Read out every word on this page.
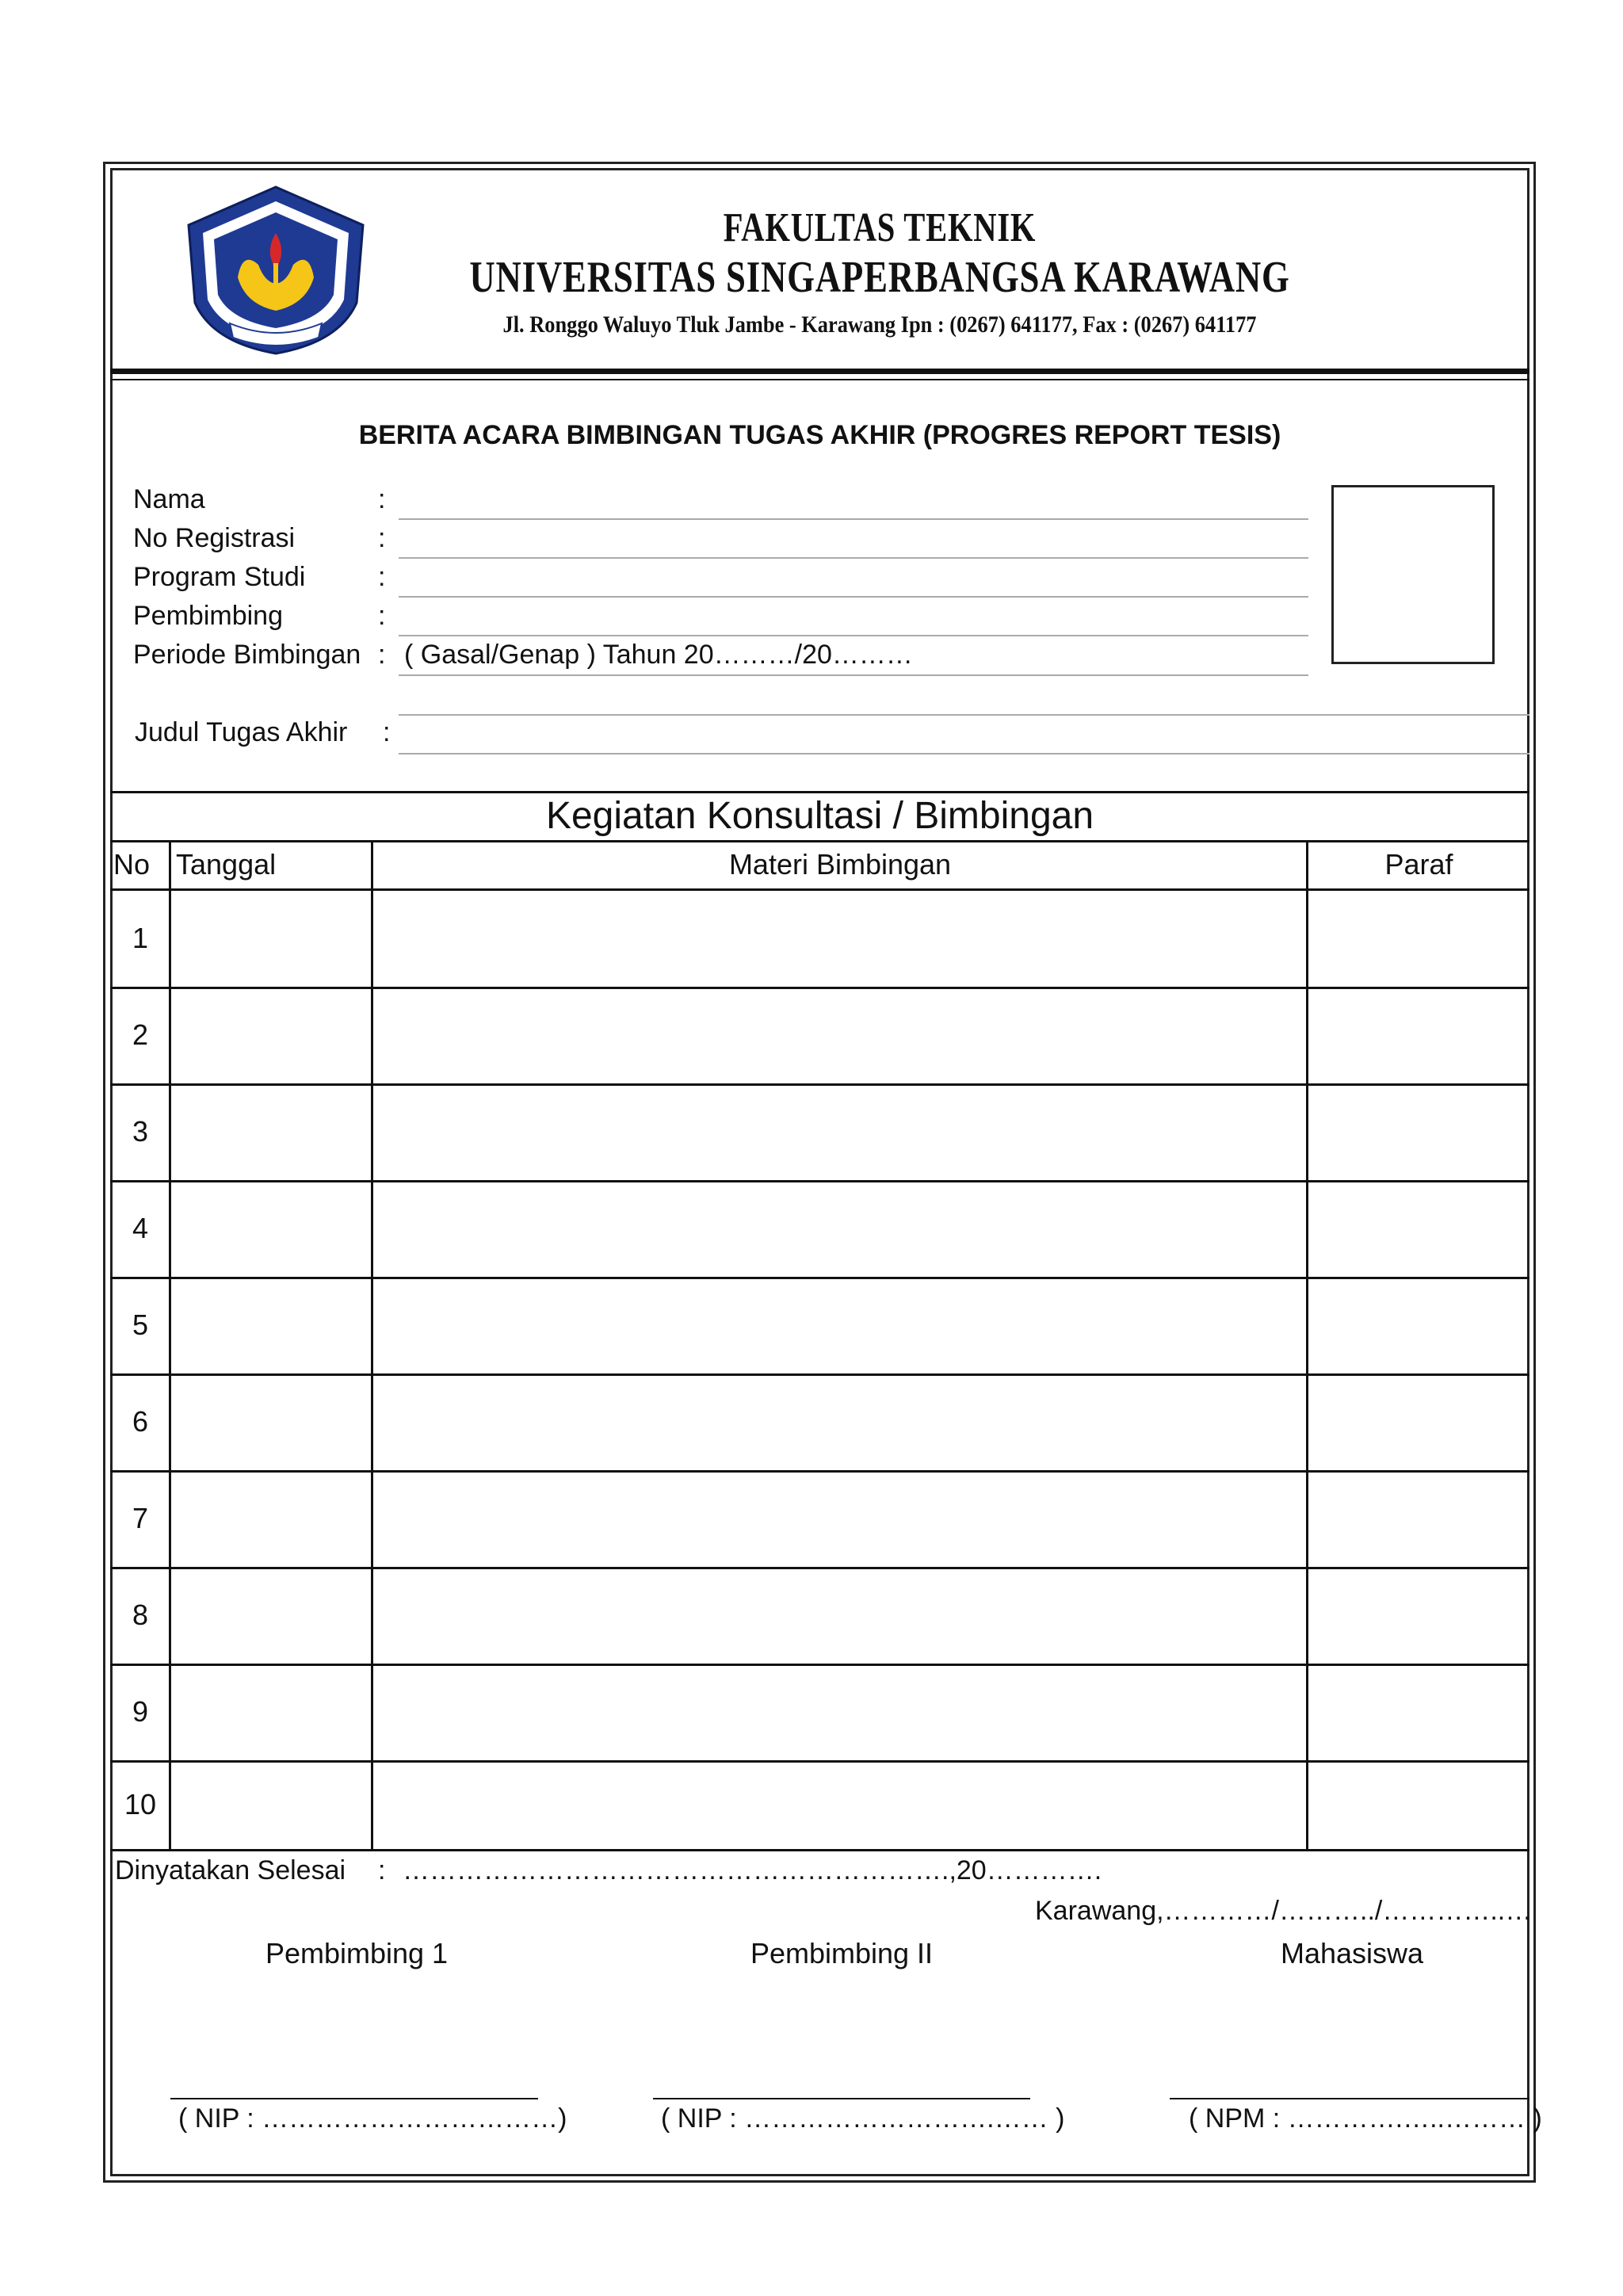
FAKULTAS TEKNIK
UNIVERSITAS SINGAPERBANGSA KARAWANG
Jl. Ronggo Waluyo Tluk Jambe - Karawang Ipn : (0267) 641177, Fax : (0267) 641177
BERITA ACARA BIMBINGAN TUGAS AKHIR (PROGRES REPORT TESIS)
Nama	:
No Registrasi	:
Program Studi	:
Pembimbing	:
Periode Bimbingan : ( Gasal/Genap ) Tahun 20………/20………
Judul Tugas Akhir :
Kegiatan Konsultasi / Bimbingan
No Tanggal	Materi Bimbingan	Paraf
1
2
3
4
5
6
7
8
9
10
Dinyatakan Selesai : …………………………………………………….,20………….
Karawang,…………/………../…………..…
Pembimbing 1	Pembimbing II	Mahasiswa
( NIP : ……………………………)	( NIP : ……………………….…… )	( NPM : ………….…..……… )
